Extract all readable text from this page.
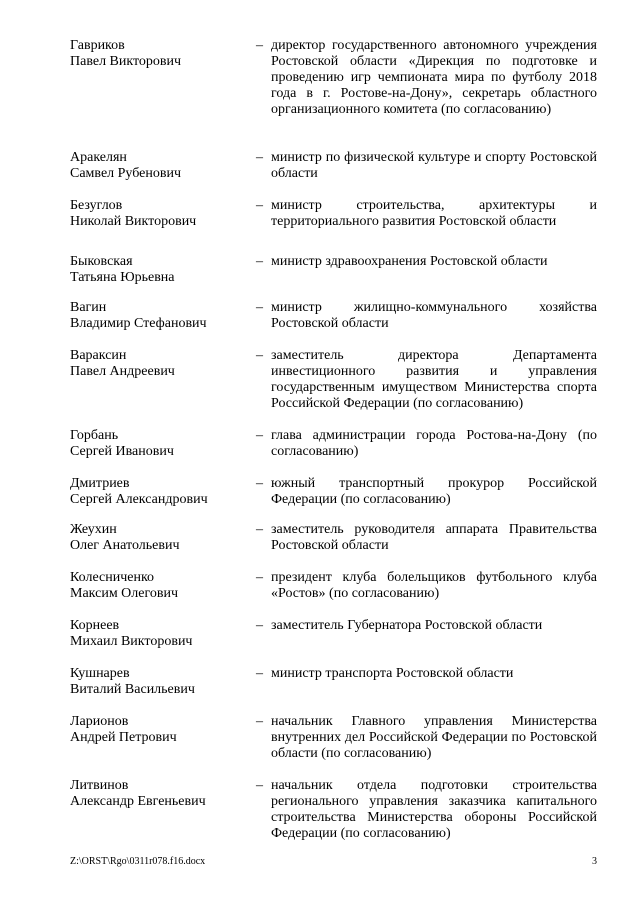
Гавриков
Павел Викторович
– директор государственного автономного учреждения Ростовской области «Дирекция по подготовке и проведению игр чемпионата мира по футболу 2018 года в г. Ростове-на-Дону», секретарь областного организационного комитета (по согласованию)
Аракелян
Самвел Рубенович
– министр по физической культуре и спорту Ростовской области
Безуглов
Николай Викторович
– министр строительства, архитектуры и территориального развития Ростовской области
Быковская
Татьяна Юрьевна
– министр здравоохранения Ростовской области
Вагин
Владимир Стефанович
– министр жилищно-коммунального хозяйства Ростовской области
Вараксин
Павел Андреевич
– заместитель директора Департамента инвестиционного развития и управления государственным имуществом Министерства спорта Российской Федерации (по согласованию)
Горбань
Сергей Иванович
– глава администрации города Ростова-на-Дону (по согласованию)
Дмитриев
Сергей Александрович
– южный транспортный прокурор Российской Федерации (по согласованию)
Жеухин
Олег Анатольевич
– заместитель руководителя аппарата Правительства Ростовской области
Колесниченко
Максим Олегович
– президент клуба болельщиков футбольного клуба «Ростов» (по согласованию)
Корнеев
Михаил Викторович
– заместитель Губернатора Ростовской области
Кушнарев
Виталий Васильевич
– министр транспорта Ростовской области
Ларионов
Андрей Петрович
– начальник Главного управления Министерства внутренних дел Российской Федерации по Ростовской области (по согласованию)
Литвинов
Александр Евгеньевич
– начальник отдела подготовки строительства регионального управления заказчика капитального строительства Министерства обороны Российской Федерации (по согласованию)
Z:\ORST\Rgo\0311r078.f16.docx	3
